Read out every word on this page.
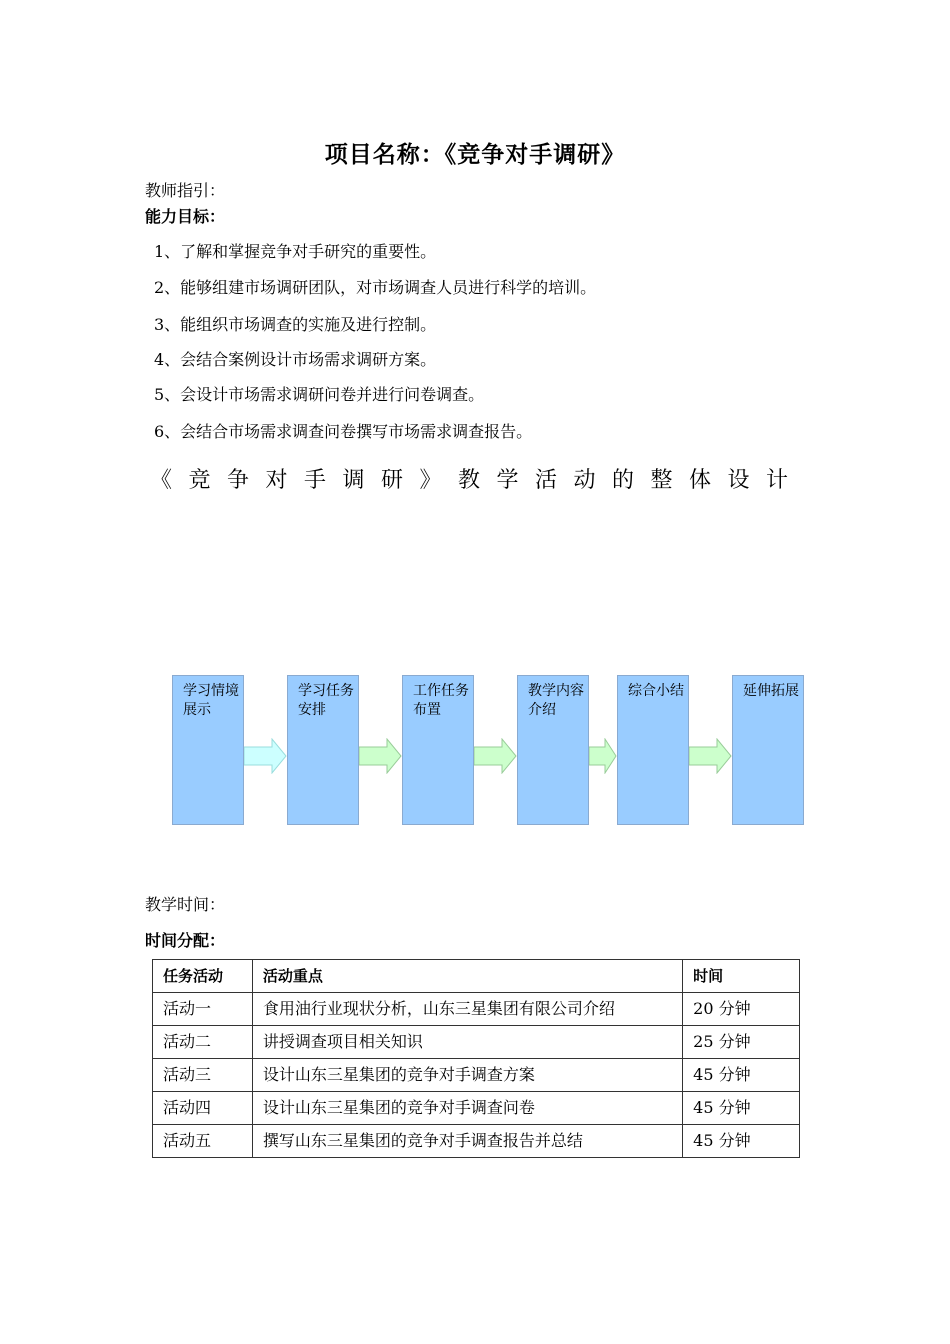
项目名称：《竞争对手调研》
教师指引：
能力目标：
1、了解和掌握竞争对手研究的重要性。
2、能够组建市场调研团队，对市场调查人员进行科学的培训。
3、能组织市场调查的实施及进行控制。
4、会结合案例设计市场需求调研方案。
5、会设计市场需求调研问卷并进行问卷调查。
6、会结合市场需求调查问卷撰写市场需求调查报告。
《竞争对手调研》教学活动的整体设计
学习情境展示
学习任务安排
工作任务布置
教学内容介绍
综合小结	延伸拓展
教学时间：
时间分配：
任务活动	活动重点	时间
活动一	食用油行业现状分析，山东三星集团有限公司介绍	20 分钟
活动二	讲授调查项目相关知识	25 分钟
活动三	设计山东三星集团的竞争对手调查方案	45 分钟
活动四	设计山东三星集团的竞争对手调查问卷	45 分钟
活动五	撰写山东三星集团的竞争对手调查报告并总结	45 分钟
